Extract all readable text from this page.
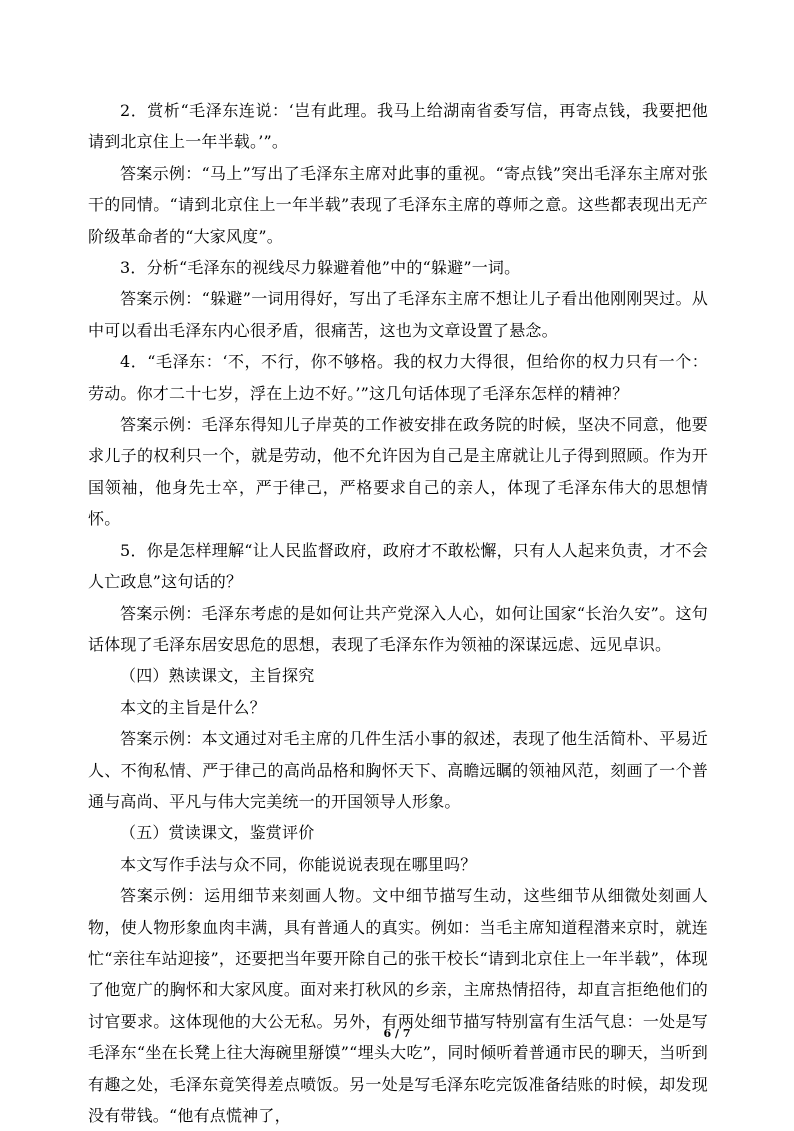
2．赏析“毛泽东连说：‘岂有此理。我马上给湖南省委写信，再寄点钱，我要把他请到北京住上一年半载。’”。

答案示例：“马上”写出了毛泽东主席对此事的重视。“寄点钱”突出毛泽东主席对张干的同情。“请到北京住上一年半载”表现了毛泽东主席的尊师之意。这些都表现出无产阶级革命者的“大家风度”。

3．分析“毛泽东的视线尽力躲避着他”中的“躲避”一词。

答案示例：“躲避”一词用得好，写出了毛泽东主席不想让儿子看出他刚刚哭过。从中可以看出毛泽东内心很矛盾，很痛苦，这也为文章设置了悬念。

4．“毛泽东：‘不，不行，你不够格。我的权力大得很，但给你的权力只有一个：劳动。你才二十七岁，浮在上边不好。’”这几句话体现了毛泽东怎样的精神？

答案示例：毛泽东得知儿子岸英的工作被安排在政务院的时候，坚决不同意，他要求儿子的权利只一个，就是劳动，他不允许因为自己是主席就让儿子得到照顾。作为开国领袖，他身先士卒，严于律己，严格要求自己的亲人，体现了毛泽东伟大的思想情怀。

5．你是怎样理解“让人民监督政府，政府才不敢松懈，只有人人起来负责，才不会人亡政息”这句话的？

答案示例：毛泽东考虑的是如何让共产党深入人心，如何让国家“长治久安”。这句话体现了毛泽东居安思危的思想，表现了毛泽东作为领袖的深谋远虑、远见卓识。

（四）熟读课文，主旨探究

本文的主旨是什么？

答案示例：本文通过对毛主席的几件生活小事的叙述，表现了他生活简朴、平易近人、不徇私情、严于律己的高尚品格和胸怀天下、高瞻远瞩的领袖风范，刻画了一个普通与高尚、平凡与伟大完美统一的开国领导人形象。

（五）赏读课文，鉴赏评价

本文写作手法与众不同，你能说说表现在哪里吗？

答案示例：运用细节来刻画人物。文中细节描写生动，这些细节从细微处刻画人物，使人物形象血肉丰满，具有普通人的真实。例如：当毛主席知道程潜来京时，就连忙“亲往车站迎接”，还要把当年要开除自己的张干校长“请到北京住上一年半载”，体现了他宽广的胸怀和大家风度。面对来打秋风的乡亲，主席热情招待，却直言拒绝他们的讨官要求。这体现他的大公无私。另外，有两处细节描写特别富有生活气息：一处是写毛泽东“坐在长凳上往大海碗里掰馍”“埋头大吃”，同时倾听着普通市民的聊天，当听到有趣之处，毛泽东竟笑得差点喷饭。另一处是写毛泽东吃完饭准备结账的时候，却发现没有带钱。“他有点慌神了，

6 / 7
